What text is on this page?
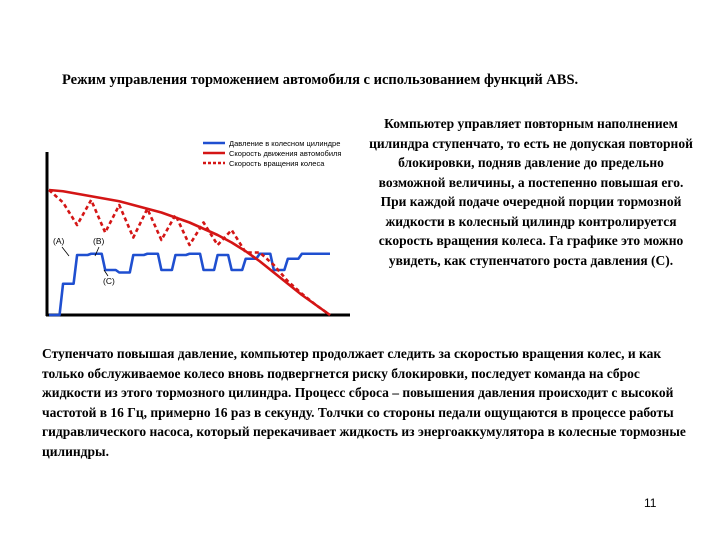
Режим управления торможением автомобиля с использованием функций ABS.
Давление в колесном цилиндре
Скорость движения автомобиля
Скорость вращения колеса
(A)	(B)
(C)
Компьютер управляет повторным наполнением цилиндра ступенчато, то есть не допуская повторной блокировки, подняв давление до предельно возможной величины, а постепенно повышая его. При каждой подаче очередной порции тормозной жидкости в колесный цилиндр контролируется скорость вращения колеса. Га графике это можно увидеть, как ступенчатого роста давления (С).
Ступенчато повышая давление, компьютер продолжает следить за скоростью вращения колес, и как только обслуживаемое колесо вновь подвергнется риску блокировки, последует команда на сброс жидкости из этого тормозного цилиндра. Процесс сброса – повышения давления происходит с высокой частотой в 16 Гц, примерно 16 раз в секунду. Толчки со стороны педали ощущаются в процессе работы гидравлического насоса, который перекачивает жидкость из энергоаккумулятора в колесные тормозные цилиндры.
11
